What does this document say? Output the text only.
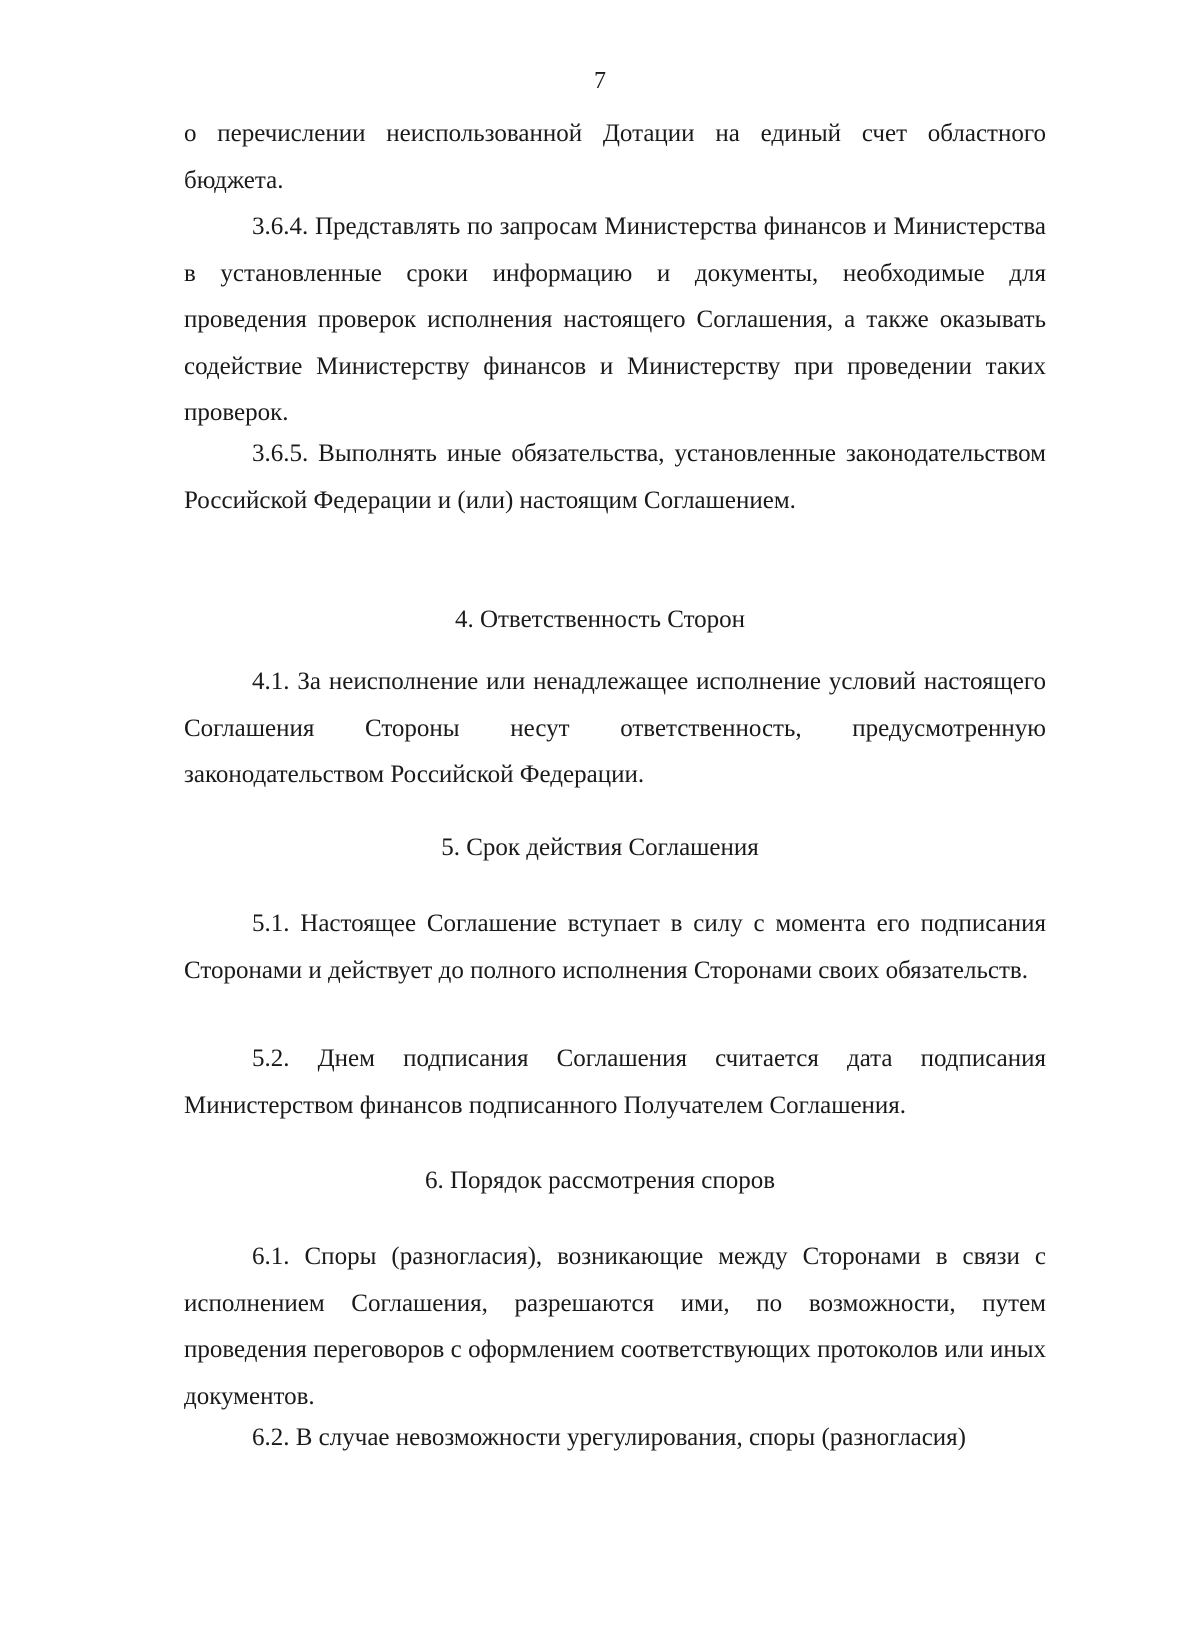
7

о перечислении неиспользованной Дотации на единый счет областного бюджета.

3.6.4. Представлять по запросам Министерства финансов и Министерства в установленные сроки информацию и документы, необходимые для проведения проверок исполнения настоящего Соглашения, а также оказывать содействие Министерству финансов и Министерству при проведении таких проверок.

3.6.5. Выполнять иные обязательства, установленные законодательством Российской Федерации и (или) настоящим Соглашением.

4. Ответственность Сторон

4.1. За неисполнение или ненадлежащее исполнение условий настоящего Соглашения Стороны несут ответственность, предусмотренную законодательством Российской Федерации.

5. Срок действия Соглашения

5.1. Настоящее Соглашение вступает в силу с момента его подписания Сторонами и действует до полного исполнения Сторонами своих обязательств.

5.2. Днем подписания Соглашения считается дата подписания Министерством финансов подписанного Получателем Соглашения.

6. Порядок рассмотрения споров

6.1. Споры (разногласия), возникающие между Сторонами в связи с исполнением Соглашения, разрешаются ими, по возможности, путем проведения переговоров с оформлением соответствующих протоколов или иных документов.

6.2. В случае невозможности урегулирования, споры (разногласия)
